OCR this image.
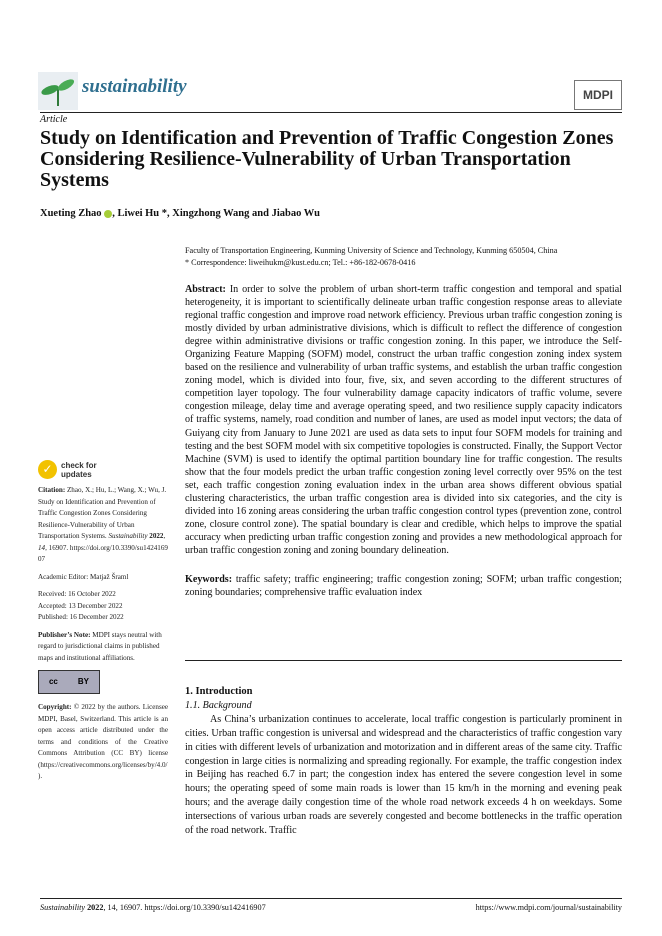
sustainability	MDPI
Article
Study on Identification and Prevention of Traffic Congestion Zones Considering Resilience-Vulnerability of Urban Transportation Systems
Xueting Zhao , Liwei Hu *, Xingzhong Wang and Jiabao Wu
Faculty of Transportation Engineering, Kunming University of Science and Technology, Kunming 650504, China
* Correspondence: liweihukm@kust.edu.cn; Tel.: +86-182-0678-0416
Abstract: In order to solve the problem of urban short-term traffic congestion and temporal and spatial heterogeneity, it is important to scientifically delineate urban traffic congestion response areas to alleviate regional traffic congestion and improve road network efficiency. Previous urban traffic congestion zoning is mostly divided by urban administrative divisions, which is difficult to reflect the difference of congestion degree within administrative divisions or traffic congestion zoning. In this paper, we introduce the Self-Organizing Feature Mapping (SOFM) model, construct the urban traffic congestion zoning index system based on the resilience and vulnerability of urban traffic systems, and establish the urban traffic congestion zoning model, which is divided into four, five, six, and seven according to the different structures of competition layer topology. The four vulnerability damage capacity indicators of traffic volume, severe congestion mileage, delay time and average operating speed, and two resilience supply capacity indicators of traffic systems, namely, road condition and number of lanes, are used as model input vectors; the data of Guiyang city from January to June 2021 are used as data sets to input four SOFM models for training and testing and the best SOFM model with six competitive topologies is constructed. Finally, the Support Vector Machine (SVM) is used to identify the optimal partition boundary line for traffic congestion. The results show that the four models predict the urban traffic congestion zoning level correctly over 95% on the test set, each traffic congestion zoning evaluation index in the urban area shows different obvious spatial clustering characteristics, the urban traffic congestion area is divided into six categories, and the city is divided into 16 zoning areas considering the urban traffic congestion control types (prevention zone, control zone, closure control zone). The spatial boundary is clear and credible, which helps to improve the spatial accuracy when predicting urban traffic congestion zoning and provides a new methodological approach for urban traffic congestion zoning and zoning boundary delineation.
Keywords: traffic safety; traffic engineering; traffic congestion zoning; SOFM; urban traffic congestion; zoning boundaries; comprehensive traffic evaluation index
1. Introduction
1.1. Background

As China’s urbanization continues to accelerate, local traffic congestion is particularly prominent in cities. Urban traffic congestion is universal and widespread and the characteristics of traffic congestion vary in cities with different levels of urbanization and motorization and in different areas of the same city. Traffic congestion in large cities is normalizing and spreading regionally. For example, the traffic congestion index in Beijing has reached 6.7 in part; the congestion index has entered the severe congestion level in some hours; the operating speed of some main roads is lower than 15 km/h in the morning and evening peak hours; and the average daily congestion time of the whole road network exceeds 4 h on weekdays. Some intersections of various urban roads are severely congested and become bottlenecks in the traffic operation of the road network. Traffic

✓	check for
updates

Citation: Zhao, X.; Hu, L.; Wang, X.; Wu, J. Study on Identification and Prevention of Traffic Congestion Zones Considering Resilience-Vulnerability of Urban Transportation Systems. Sustainability 2022, 14, 16907. https://doi.org/10.3390/su142416907

Academic Editor: Matjaž Šraml

Received: 16 October 2022
Accepted: 13 December 2022
Published: 16 December 2022

Publisher’s Note: MDPI stays neutral with regard to jurisdictional claims in published maps and institutional affiliations.

cc BY

Copyright: © 2022 by the authors. Licensee MDPI, Basel, Switzerland. This article is an open access article distributed under the terms and conditions of the Creative Commons Attribution (CC BY) license (https://creativecommons.org/licenses/by/4.0/).

Sustainability 2022, 14, 16907. https://doi.org/10.3390/su142416907	https://www.mdpi.com/journal/sustainability
